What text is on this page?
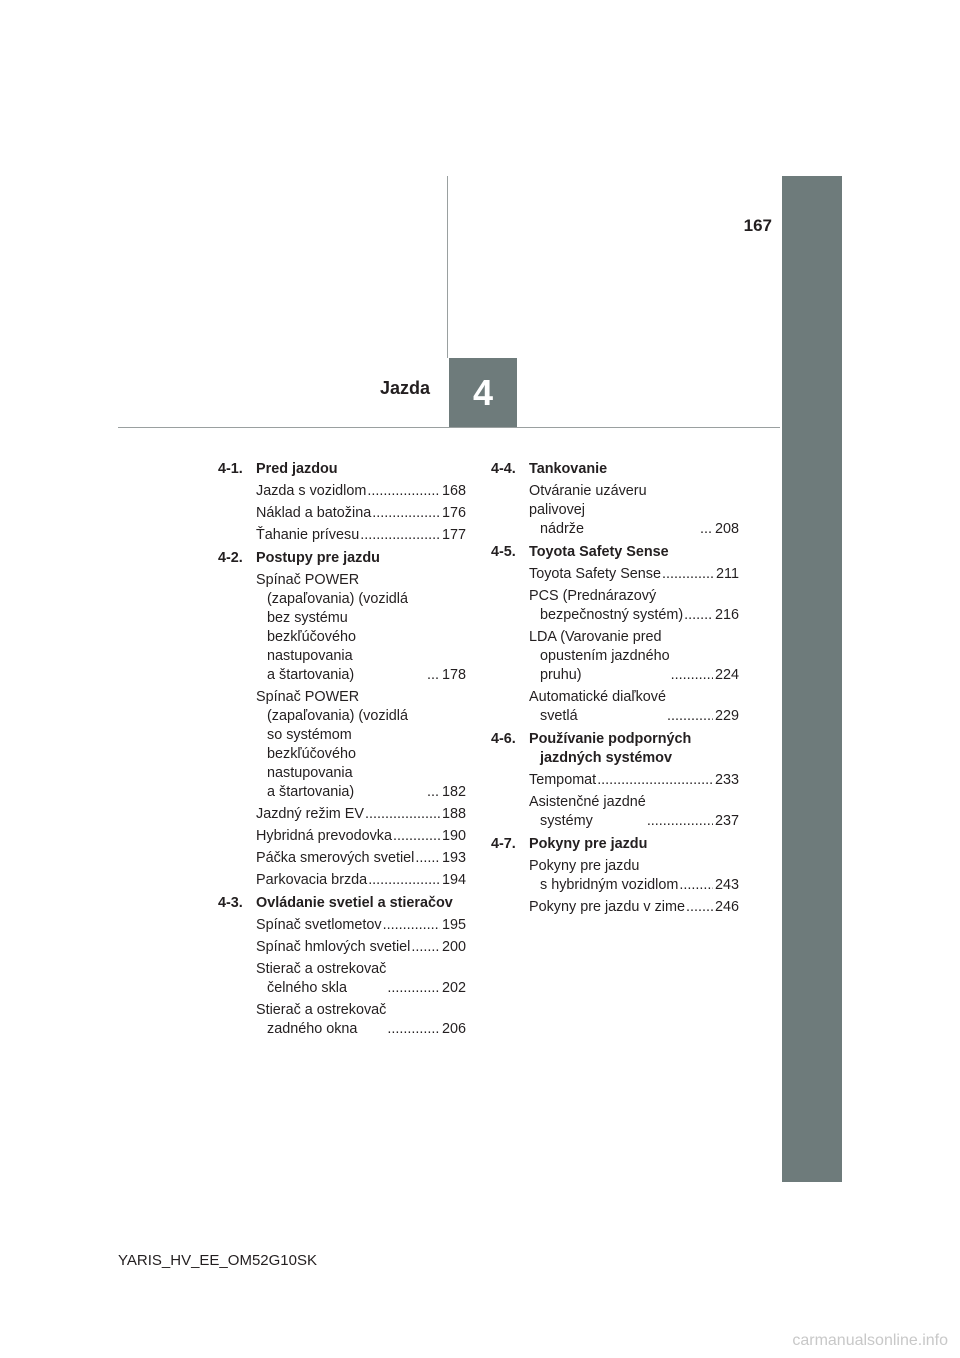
167
Jazda 4
4-1. Pred jazdou
Jazda s vozidlom .....	168
Náklad a batožina .....	176
Ťahanie prívesu .....	177
4-2. Postupy pre jazdu
Spínač POWER
(zapaľovania) (vozidlá
bez systému bezkľúčového
nastupovania
a štartovania) .....	178
Spínač POWER
(zapaľovania) (vozidlá
so systémom bezkľúčového
nastupovania
a štartovania) .....	182
Jazdný režim EV .....	188
Hybridná prevodovka .....	190
Páčka smerových svetiel ..... 193
Parkovacia brzda .....	194
4-3. Ovládanie svetiel a stieračov
Spínač svetlometov .....	195
Spínač hmlových svetiel ..... 200
Stierač a ostrekovač
čelného skla .....	202
Stierač a ostrekovač
zadného okna .....	206
4-4. Tankovanie
Otváranie uzáveru palivovej
nádrže .....	208
4-5. Toyota Safety Sense
Toyota Safety Sense .....	211
PCS (Prednárazový
bezpečnostný systém) ..... 216
LDA (Varovanie pred
opustením jazdného
pruhu) .....	224
Automatické diaľkové
svetlá .....	229
4-6. Používanie podporných
jazdných systémov
Tempomat .....	233
Asistenčné jazdné
systémy .....	237
4-7. Pokyny pre jazdu
Pokyny pre jazdu
s hybridným vozidlom .....	243
Pokyny pre jazdu v zime ..... 246
YARIS_HV_EE_OM52G10SK
carmanualsonline.info
